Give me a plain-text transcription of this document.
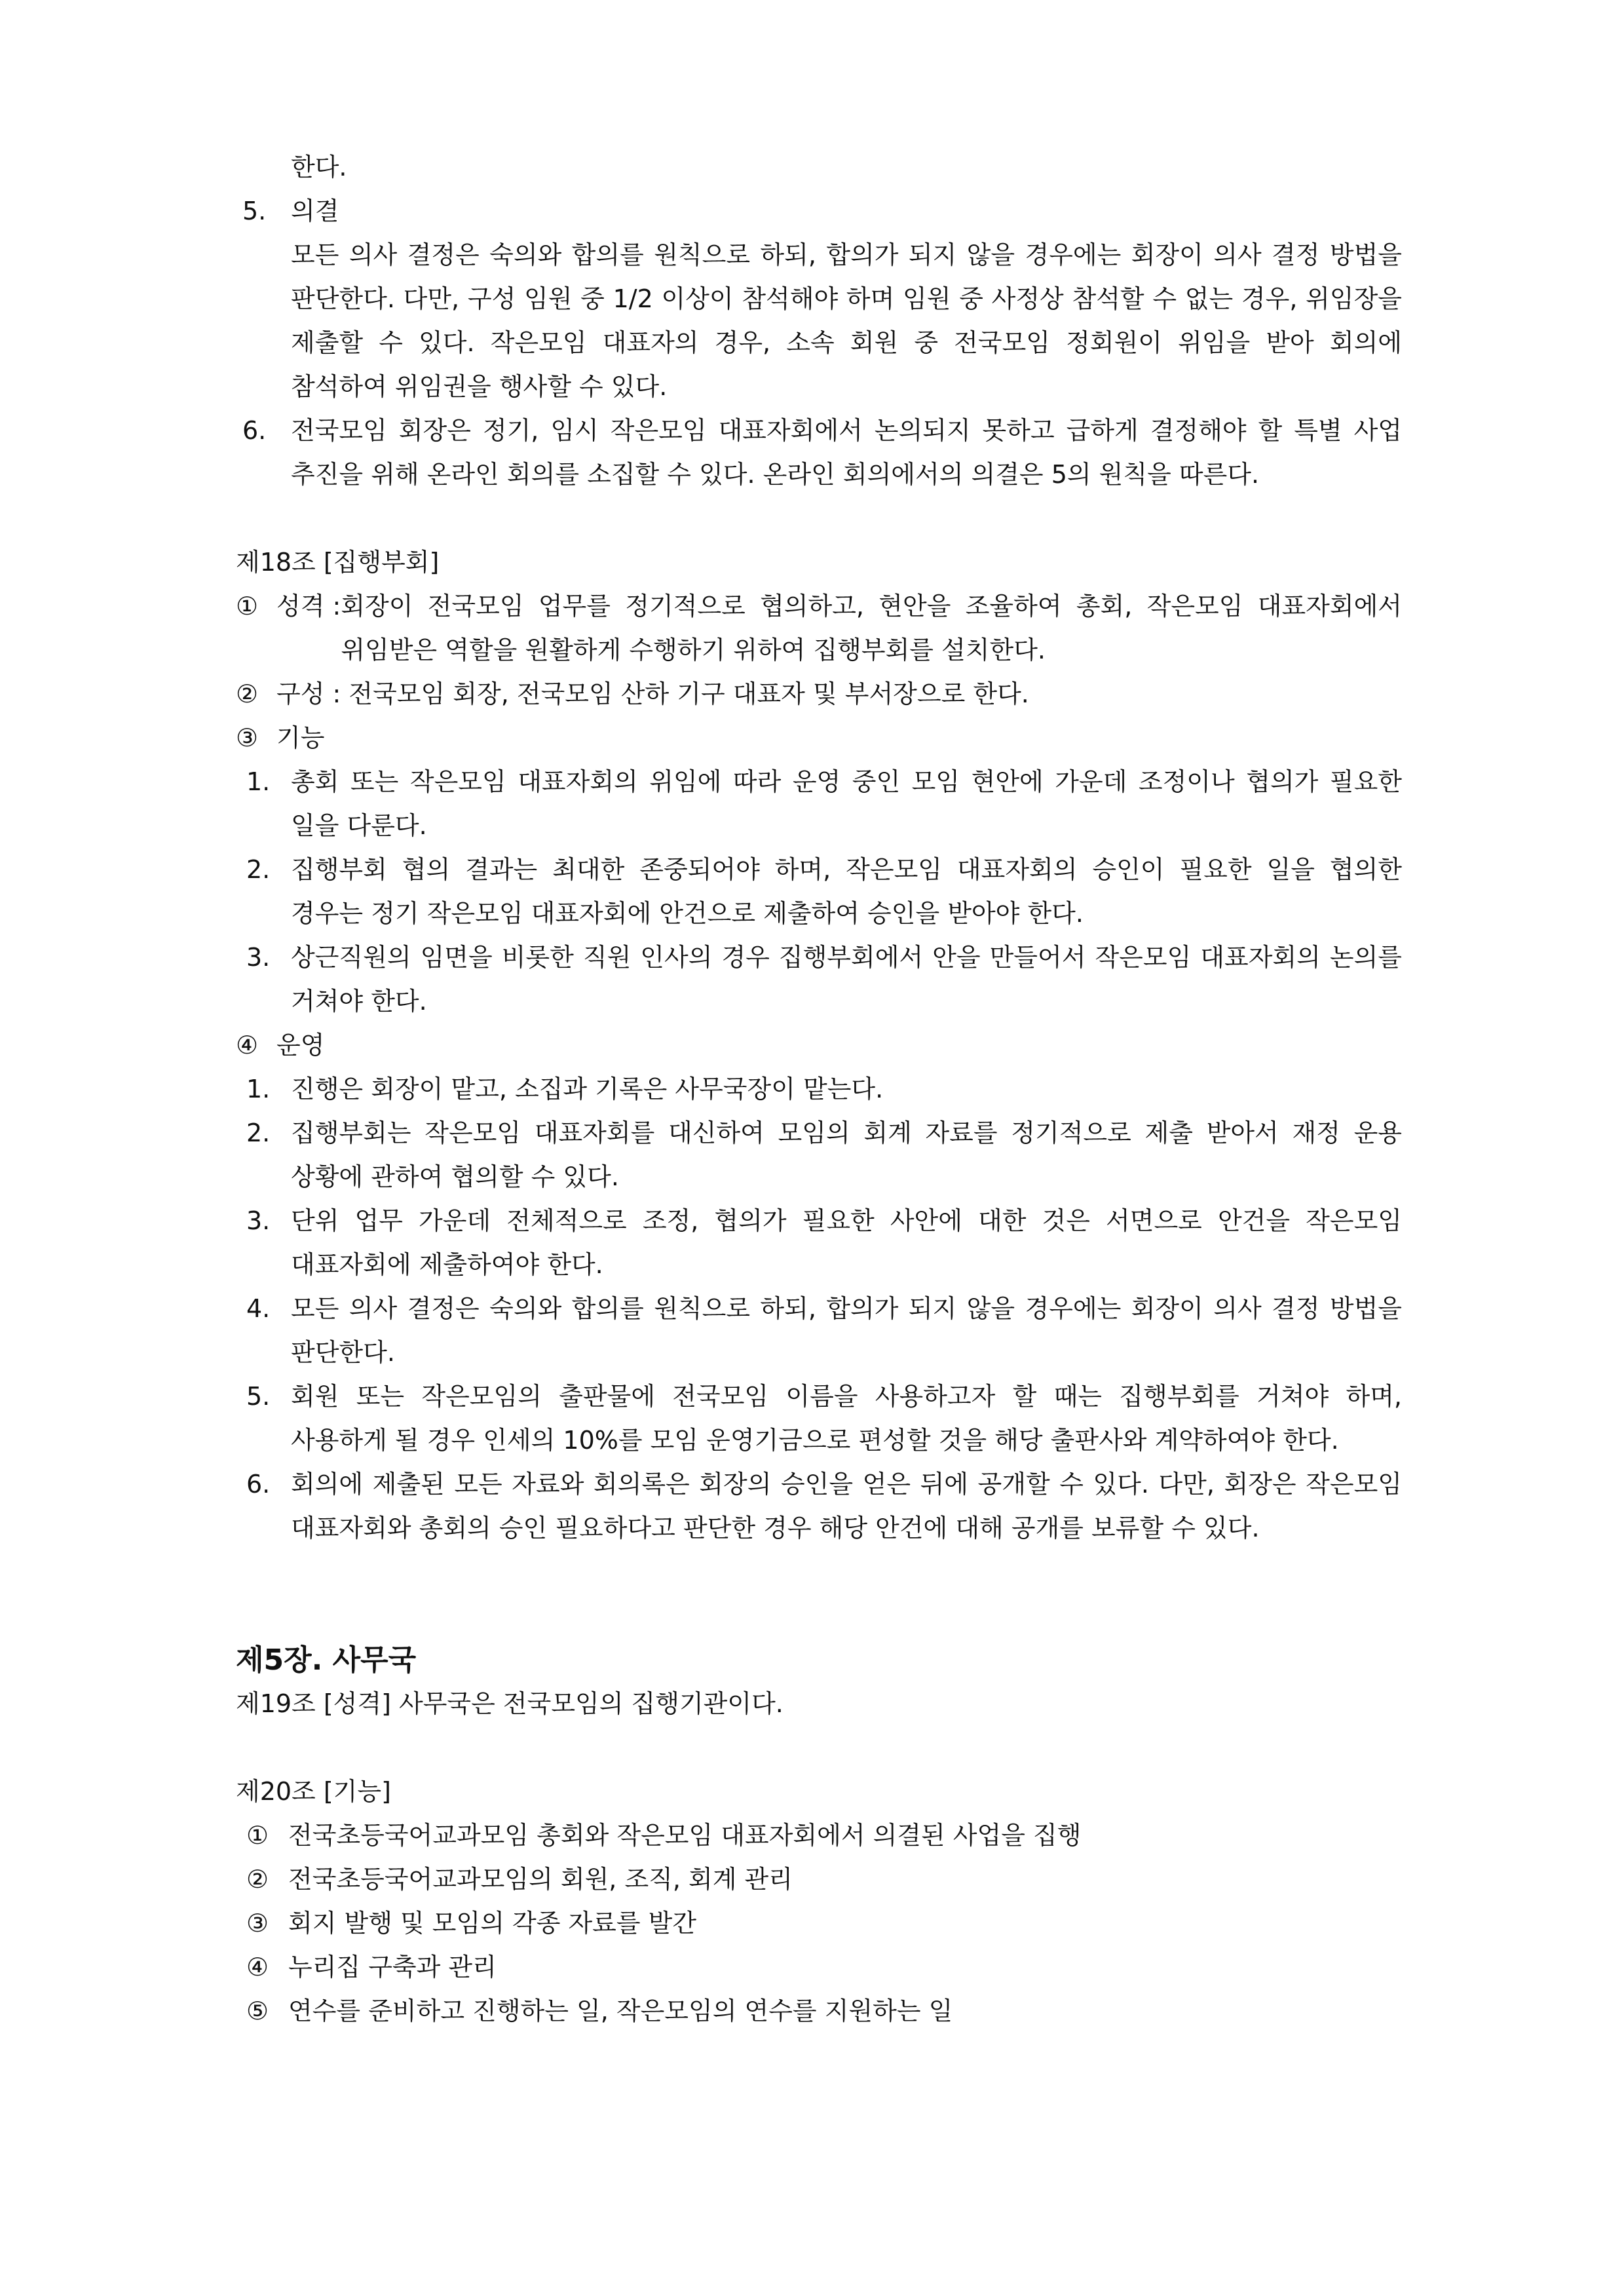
한다.
5. 의결
모든 의사 결정은 숙의와 합의를 원칙으로 하되, 합의가 되지 않을 경우에는 회장이 의사 결정 방법을 판단한다. 다만, 구성 임원 중 1/2 이상이 참석해야 하며 임원 중 사정상 참석할 수 없는 경우, 위임장을 제출할 수 있다. 작은모임 대표자의 경우, 소속 회원 중 전국모임 정회원이 위임을 받아 회의에 참석하여 위임권을 행사할 수 있다.
6. 전국모임 회장은 정기, 임시 작은모임 대표자회에서 논의되지 못하고 급하게 결정해야 할 특별 사업 추진을 위해 온라인 회의를 소집할 수 있다. 온라인 회의에서의 의결은 5의 원칙을 따른다.
제18조 [집행부회]
① 성격 : 회장이 전국모임 업무를 정기적으로 협의하고, 현안을 조율하여 총회, 작은모임 대표자회에서 위임받은 역할을 원활하게 수행하기 위하여 집행부회를 설치한다.
② 구성 : 전국모임 회장, 전국모임 산하 기구 대표자 및 부서장으로 한다.
③ 기능
1. 총회 또는 작은모임 대표자회의 위임에 따라 운영 중인 모임 현안에 가운데 조정이나 협의가 필요한 일을 다룬다.
2. 집행부회 협의 결과는 최대한 존중되어야 하며, 작은모임 대표자회의 승인이 필요한 일을 협의한 경우는 정기 작은모임 대표자회에 안건으로 제출하여 승인을 받아야 한다.
3. 상근직원의 임면을 비롯한 직원 인사의 경우 집행부회에서 안을 만들어서 작은모임 대표자회의 논의를 거쳐야 한다.
④ 운영
1. 진행은 회장이 맡고, 소집과 기록은 사무국장이 맡는다.
2. 집행부회는 작은모임 대표자회를 대신하여 모임의 회계 자료를 정기적으로 제출 받아서 재정 운용 상황에 관하여 협의할 수 있다.
3. 단위 업무 가운데 전체적으로 조정, 협의가 필요한 사안에 대한 것은 서면으로 안건을 작은모임 대표자회에 제출하여야 한다.
4. 모든 의사 결정은 숙의와 합의를 원칙으로 하되, 합의가 되지 않을 경우에는 회장이 의사 결정 방법을 판단한다.
5. 회원 또는 작은모임의 출판물에 전국모임 이름을 사용하고자 할 때는 집행부회를 거쳐야 하며, 사용하게 될 경우 인세의 10%를 모임 운영기금으로 편성할 것을 해당 출판사와 계약하여야 한다.
6. 회의에 제출된 모든 자료와 회의록은 회장의 승인을 얻은 뒤에 공개할 수 있다. 다만, 회장은 작은모임 대표자회와 총회의 승인 필요하다고 판단한 경우 해당 안건에 대해 공개를 보류할 수 있다.
제5장. 사무국
제19조 [성격] 사무국은 전국모임의 집행기관이다.
제20조 [기능]
① 전국초등국어교과모임 총회와 작은모임 대표자회에서 의결된 사업을 집행
② 전국초등국어교과모임의 회원, 조직, 회계 관리
③ 회지 발행 및 모임의 각종 자료를 발간
④ 누리집 구축과 관리
⑤ 연수를 준비하고 진행하는 일, 작은모임의 연수를 지원하는 일
